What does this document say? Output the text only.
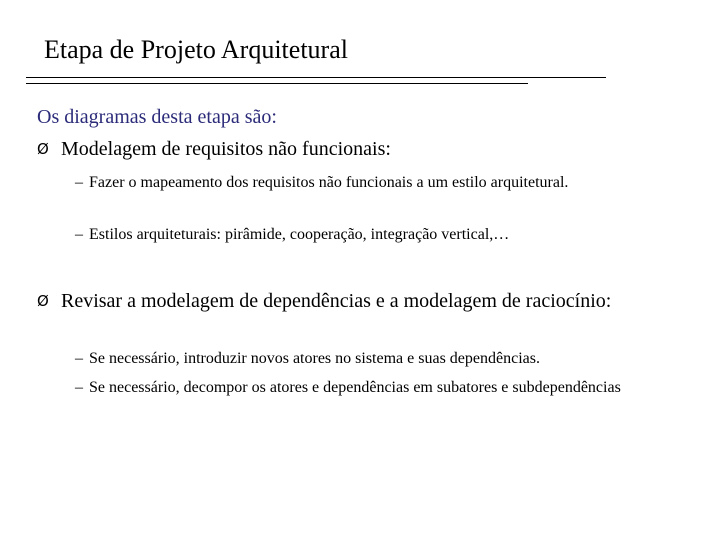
Etapa de Projeto Arquitetural
Os diagramas desta etapa são:
Ø Modelagem de requisitos não funcionais:
– Fazer o mapeamento dos requisitos não funcionais a um estilo arquitetural.
– Estilos arquiteturais: pirâmide, cooperação, integração vertical,…
Ø Revisar a modelagem de dependências e a modelagem de raciocínio:
– Se necessário, introduzir novos atores no sistema e suas dependências.
– Se necessário, decompor os atores e dependências em subatores e subdependências
